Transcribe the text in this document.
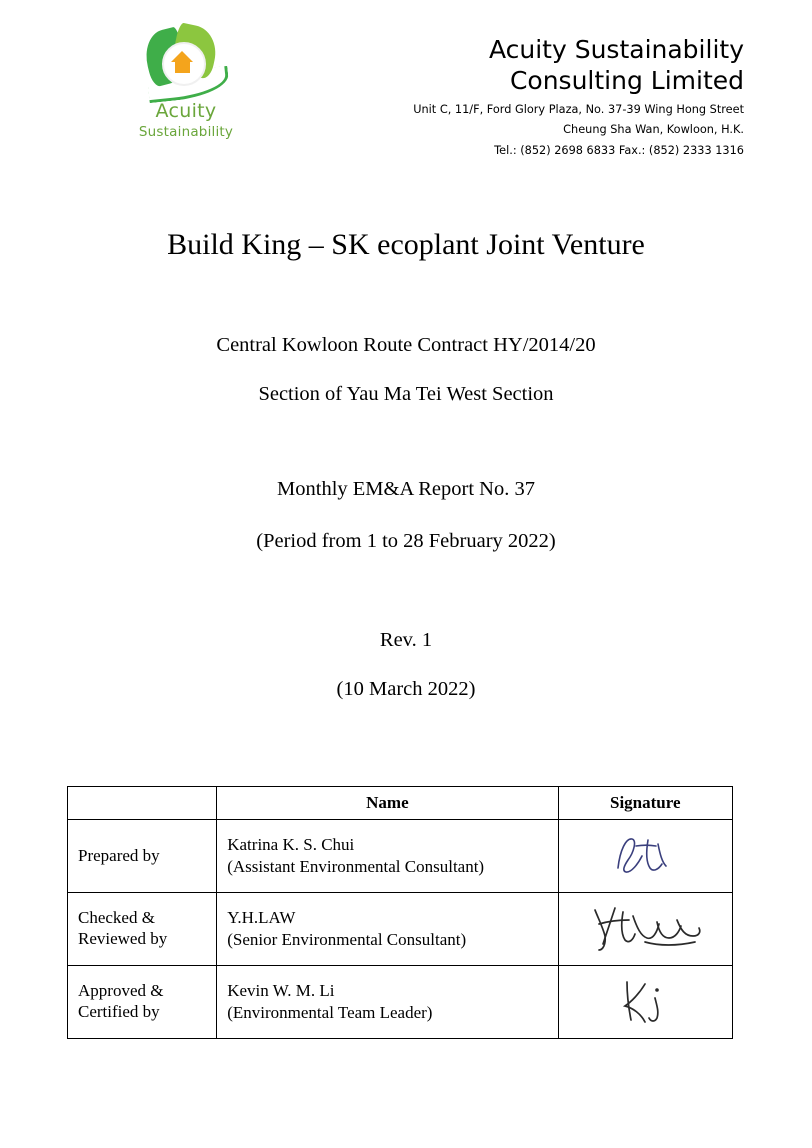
Acuity
Sustainability
Acuity Sustainability
Consulting Limited
Unit C, 11/F, Ford Glory Plaza, No. 37-39 Wing Hong Street
Cheung Sha Wan, Kowloon, H.K.
Tel.: (852) 2698 6833 Fax.: (852) 2333 1316
Build King – SK ecoplant Joint Venture
Central Kowloon Route Contract HY/2014/20
Section of Yau Ma Tei West Section
Monthly EM&A Report No. 37
(Period from 1 to 28 February 2022)
Rev. 1
(10 March 2022)
	Name	Signature
Prepared by	Katrina K. S. Chui
(Assistant Environmental Consultant)

Checked & Reviewed by	Y.H.LAW
(Senior Environmental Consultant)

Approved & Certified by	Kevin W. M. Li
(Environmental Team Leader)
